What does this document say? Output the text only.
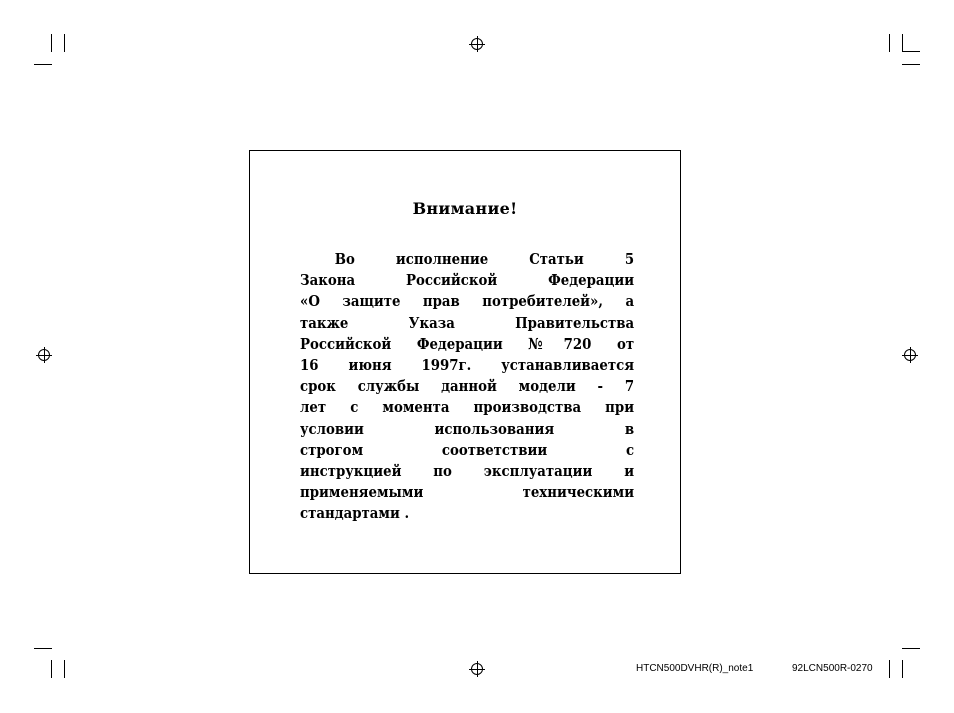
Внимание!
Во исполнение Статьи 5
Закона Российской Федерации
«О защите прав потребителей», а
также Указа Правительства
Российской Федерации №720 от
16 июня 1997г. устанавливается
срок службы данной модели - 7
лет с момента производства при
условии использования в
строгом соответствии с
инструкцией по эксплуатации и
применяемыми техническими
стандартами .
HTCN500DVHR(R)_note1	92LCN500R-0270
